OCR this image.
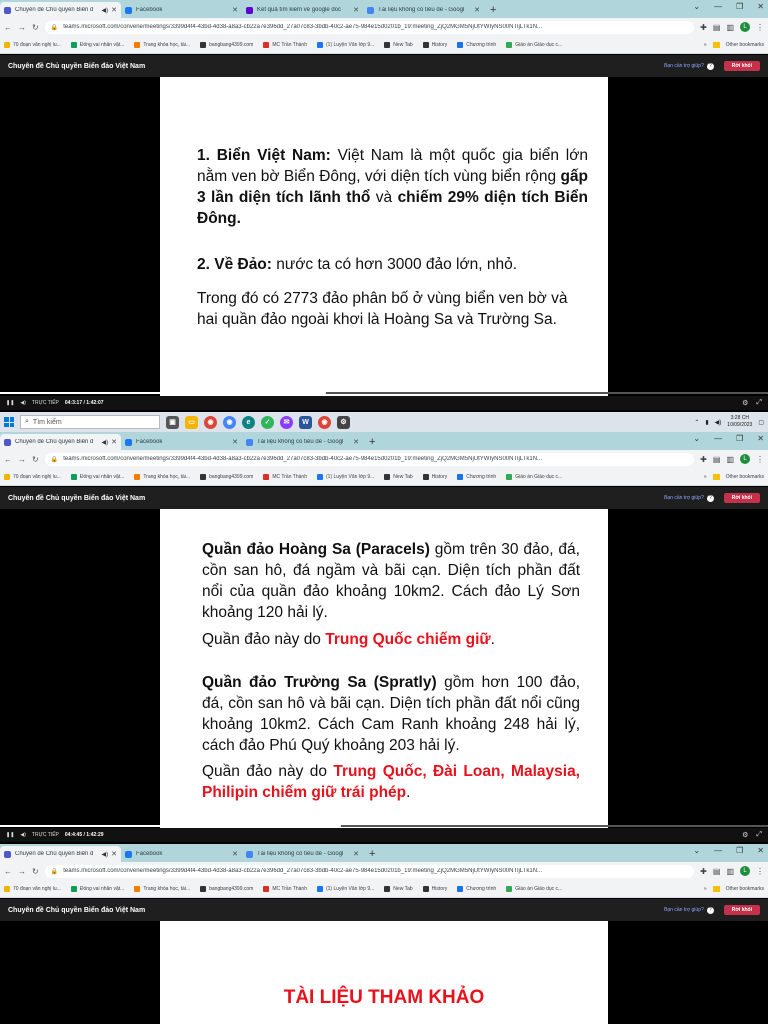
Chuyên đề Chủ quyền Biển đ	◀) ✕	Facebook	✕	Kết quả tìm kiếm về google doc	✕	Tài liệu không có tiêu đề - Googl	✕ +	⌄ — ❐ ✕
← → ↻ 🔒 teams.microsoft.com/convene/meetings/3399d4f4-43bd-4d38-a8a3-cb22a7e396dd_27a07c83-3bdb-40c2-ae75-984e15d0201b_19:meeting_ZjQ2MGM5NjUtYWIyNS00NTljLTk1N...	✚ ▤ ▥	L	⋮
70 đoạn văn nghị lu...	Đóng vai nhân vật...	Trang khóa học, tài...	bangbang4399.com	MC Trần Thành	(1) Luyện Văn lớp 9...	New Tab	History	Chương trình	Giáo án Giáo dục c...	»	Other bookmarks
Chuyên đề Chủ quyền Biển đảo Việt Nam	Bạn cần trợ giúp?	?	Rời khỏi
1. Biển Việt Nam: Việt Nam là một quốc gia biển lớn nằm ven bờ Biển Đông, với diện tích vùng biển rộng gấp 3 lần diện tích lãnh thổ và chiếm 29% diện tích Biển Đông.
2. Về Đảo: nước ta có hơn 3000 đảo lớn, nhỏ.
Trong đó có 2773 đảo phân bố ở vùng biển ven bờ và hai quần đảo ngoài khơi là Hoàng Sa và Trường Sa.
❚❚ ◀) TRỰC TIẾP 04:3:17 / 1:42:07	⚙ ⤢
⌕ Tìm kiếm	▣	▭	◉	◉	e	✓	✉	W	◉	⚙	⌃ ▮ ◀)
3:28 CH
10/09/2023 ▢
Chuyên đề Chủ quyền Biển đ	◀) ✕	Facebook	✕	Tài liệu không có tiêu đề - Googl	✕ +	⌄ — ❐ ✕
← → ↻ 🔒 teams.microsoft.com/convene/meetings/3399d4f4-43bd-4d38-a8a3-cb22a7e396dd_27a07c83-3bdb-40c2-ae75-984e15d0201b_19:meeting_ZjQ2MGM5NjUtYWIyNS00NTljLTk1N...	✚ ▤ ▥	L	⋮
70 đoạn văn nghị lu...	Đóng vai nhân vật...	Trang khóa học, tài...	bangbang4399.com	MC Trần Thành	(1) Luyện Văn lớp 9...	New Tab	History	Chương trình	Giáo án Giáo dục c...	»	Other bookmarks
Chuyên đề Chủ quyền Biển đảo Việt Nam	Bạn cần trợ giúp?	?	Rời khỏi
Quần đảo Hoàng Sa (Paracels) gồm trên 30 đảo, đá, cồn san hô, đá ngầm và bãi cạn. Diện tích phần đất nổi của quần đảo khoảng 10km2. Cách đảo Lý Sơn khoảng 120 hải lý.
Quần đảo này do Trung Quốc chiếm giữ.
Quần đảo Trường Sa (Spratly) gồm hơn 100 đảo, đá, cồn san hô và bãi cạn. Diện tích phần đất nổi cũng khoảng 10km2. Cách Cam Ranh khoảng 248 hải lý, cách đảo Phú Quý khoảng 203 hải lý.
Quần đảo này do Trung Quốc, Đài Loan, Malaysia, Philipin chiếm giữ trái phép.
❚❚ ◀) TRỰC TIẾP 04:4:45 / 1:42:29	⚙ ⤢
Chuyên đề Chủ quyền Biển đ	◀) ✕	Facebook	✕	Tài liệu không có tiêu đề - Googl	✕ +	⌄ — ❐ ✕
← → ↻ 🔒 teams.microsoft.com/convene/meetings/3399d4f4-43bd-4d38-a8a3-cb22a7e396dd_27a07c83-3bdb-40c2-ae75-984e15d0201b_19:meeting_ZjQ2MGM5NjUtYWIyNS00NTljLTk1N...	✚ ▤ ▥	L	⋮
70 đoạn văn nghị lu...	Đóng vai nhân vật...	Trang khóa học, tài...	bangbang4399.com	MC Trần Thành	(1) Luyện Văn lớp 9...	New Tab	History	Chương trình	Giáo án Giáo dục c...	»	Other bookmarks
Chuyên đề Chủ quyền Biển đảo Việt Nam	Bạn cần trợ giúp?	?	Rời khỏi
TÀI LIỆU THAM KHẢO
